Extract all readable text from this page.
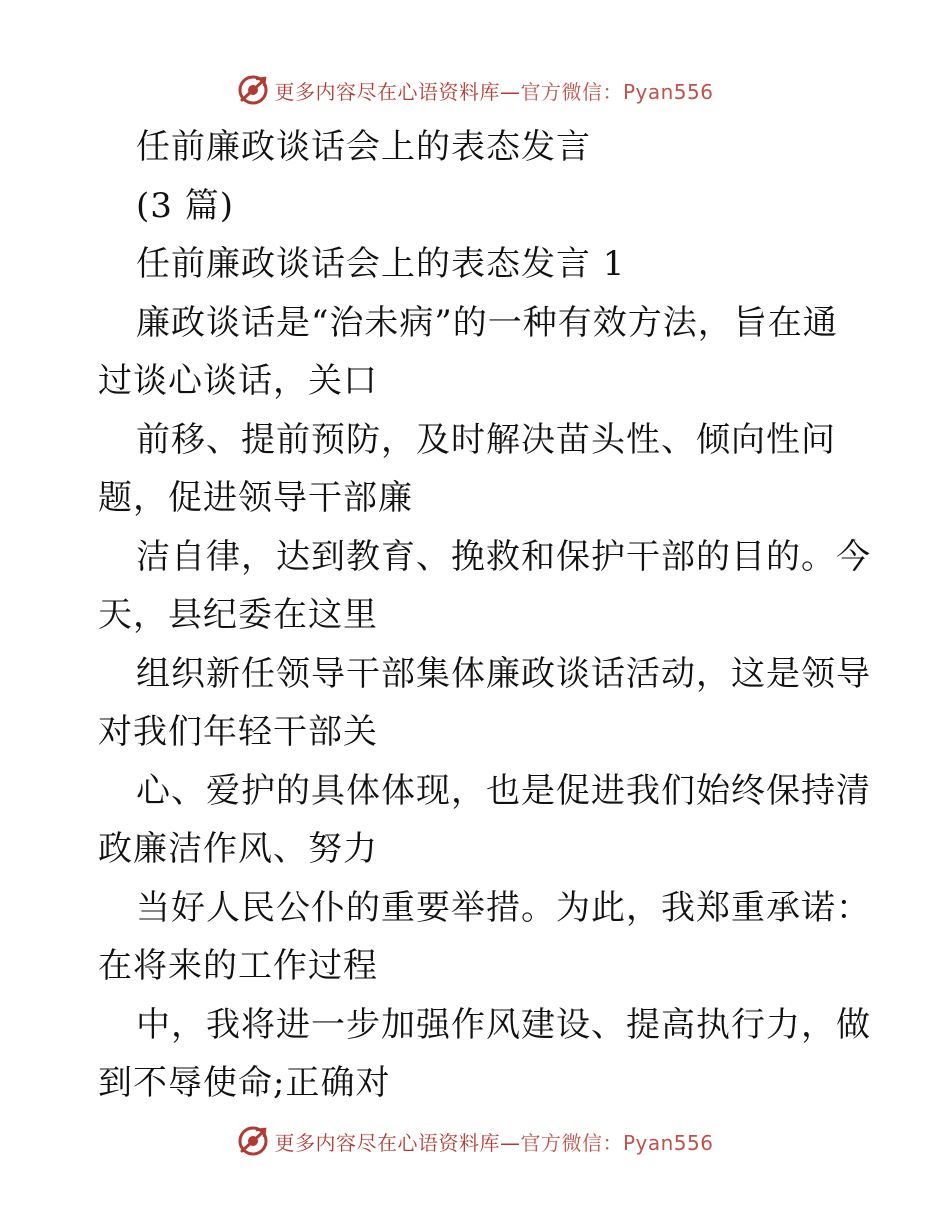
更多内容尽在心语资料库—官方微信：Pyan556
任前廉政谈话会上的表态发言
(3 篇)
任前廉政谈话会上的表态发言 1
廉政谈话是“治未病”的一种有效方法，旨在通
过谈心谈话，关口
前移、提前预防，及时解决苗头性、倾向性问
题，促进领导干部廉
洁自律，达到教育、挽救和保护干部的目的。今
天，县纪委在这里
组织新任领导干部集体廉政谈话活动，这是领导
对我们年轻干部关
心、爱护的具体体现，也是促进我们始终保持清
政廉洁作风、努力
当好人民公仆的重要举措。为此，我郑重承诺：
在将来的工作过程
中，我将进一步加强作风建设、提高执行力，做
到不辱使命;正确对
更多内容尽在心语资料库—官方微信：Pyan556
